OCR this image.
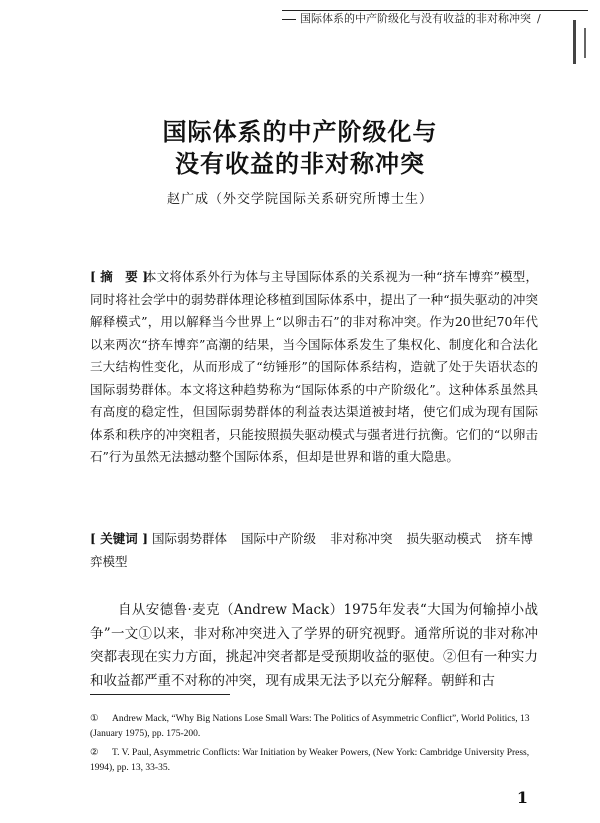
国际体系的中产阶级化与没有收益的非对称冲突 /
国际体系的中产阶级化与
没有收益的非对称冲突
赵广成（外交学院国际关系研究所博士生）
[ 摘　要 ]

本文将体系外行为体与主导国际体系的关系视为一种“挤车博弈”模型，同时将社会学中的弱势群体理论移植到国际体系中，提出了一种“损失驱动的冲突解释模式”，用以解释当今世界上“以卵击石”的非对称冲突。作为20世纪70年代以来两次“挤车博弈”高潮的结果，当今国际体系发生了集权化、制度化和合法化三大结构性变化，从而形成了“纺锤形”的国际体系结构，造就了处于失语状态的国际弱势群体。本文将这种趋势称为“国际体系的中产阶级化”。这种体系虽然具有高度的稳定性，但国际弱势群体的利益表达渠道被封堵，使它们成为现有国际体系和秩序的冲突粗者，只能按照损失驱动模式与强者进行抗衡。它们的“以卵击石”行为虽然无法撼动整个国际体系，但却是世界和谐的重大隐患。

[ 关键词 ] 国际弱势群体 国际中产阶级 非对称冲突 损失驱动模式 挤车博弈模型

自从安德鲁·麦克（Andrew Mack）1975年发表“大国为何输掉小战争”一文①以来，非对称冲突进入了学界的研究视野。通常所说的非对称冲突都表现在实力方面，挑起冲突者都是受预期收益的驱使。②但有一种实力和收益都严重不对称的冲突，现有成果无法予以充分解释。朝鲜和古

① Andrew Mack, “Why Big Nations Lose Small Wars: The Politics of Asymmetric Conflict”, World Politics, 13 (January 1975), pp. 175-200.

② T. V. Paul, Asymmetric Conflicts: War Initiation by Weaker Powers, (New York: Cambridge University Press, 1994), pp. 13, 33-35.

1
